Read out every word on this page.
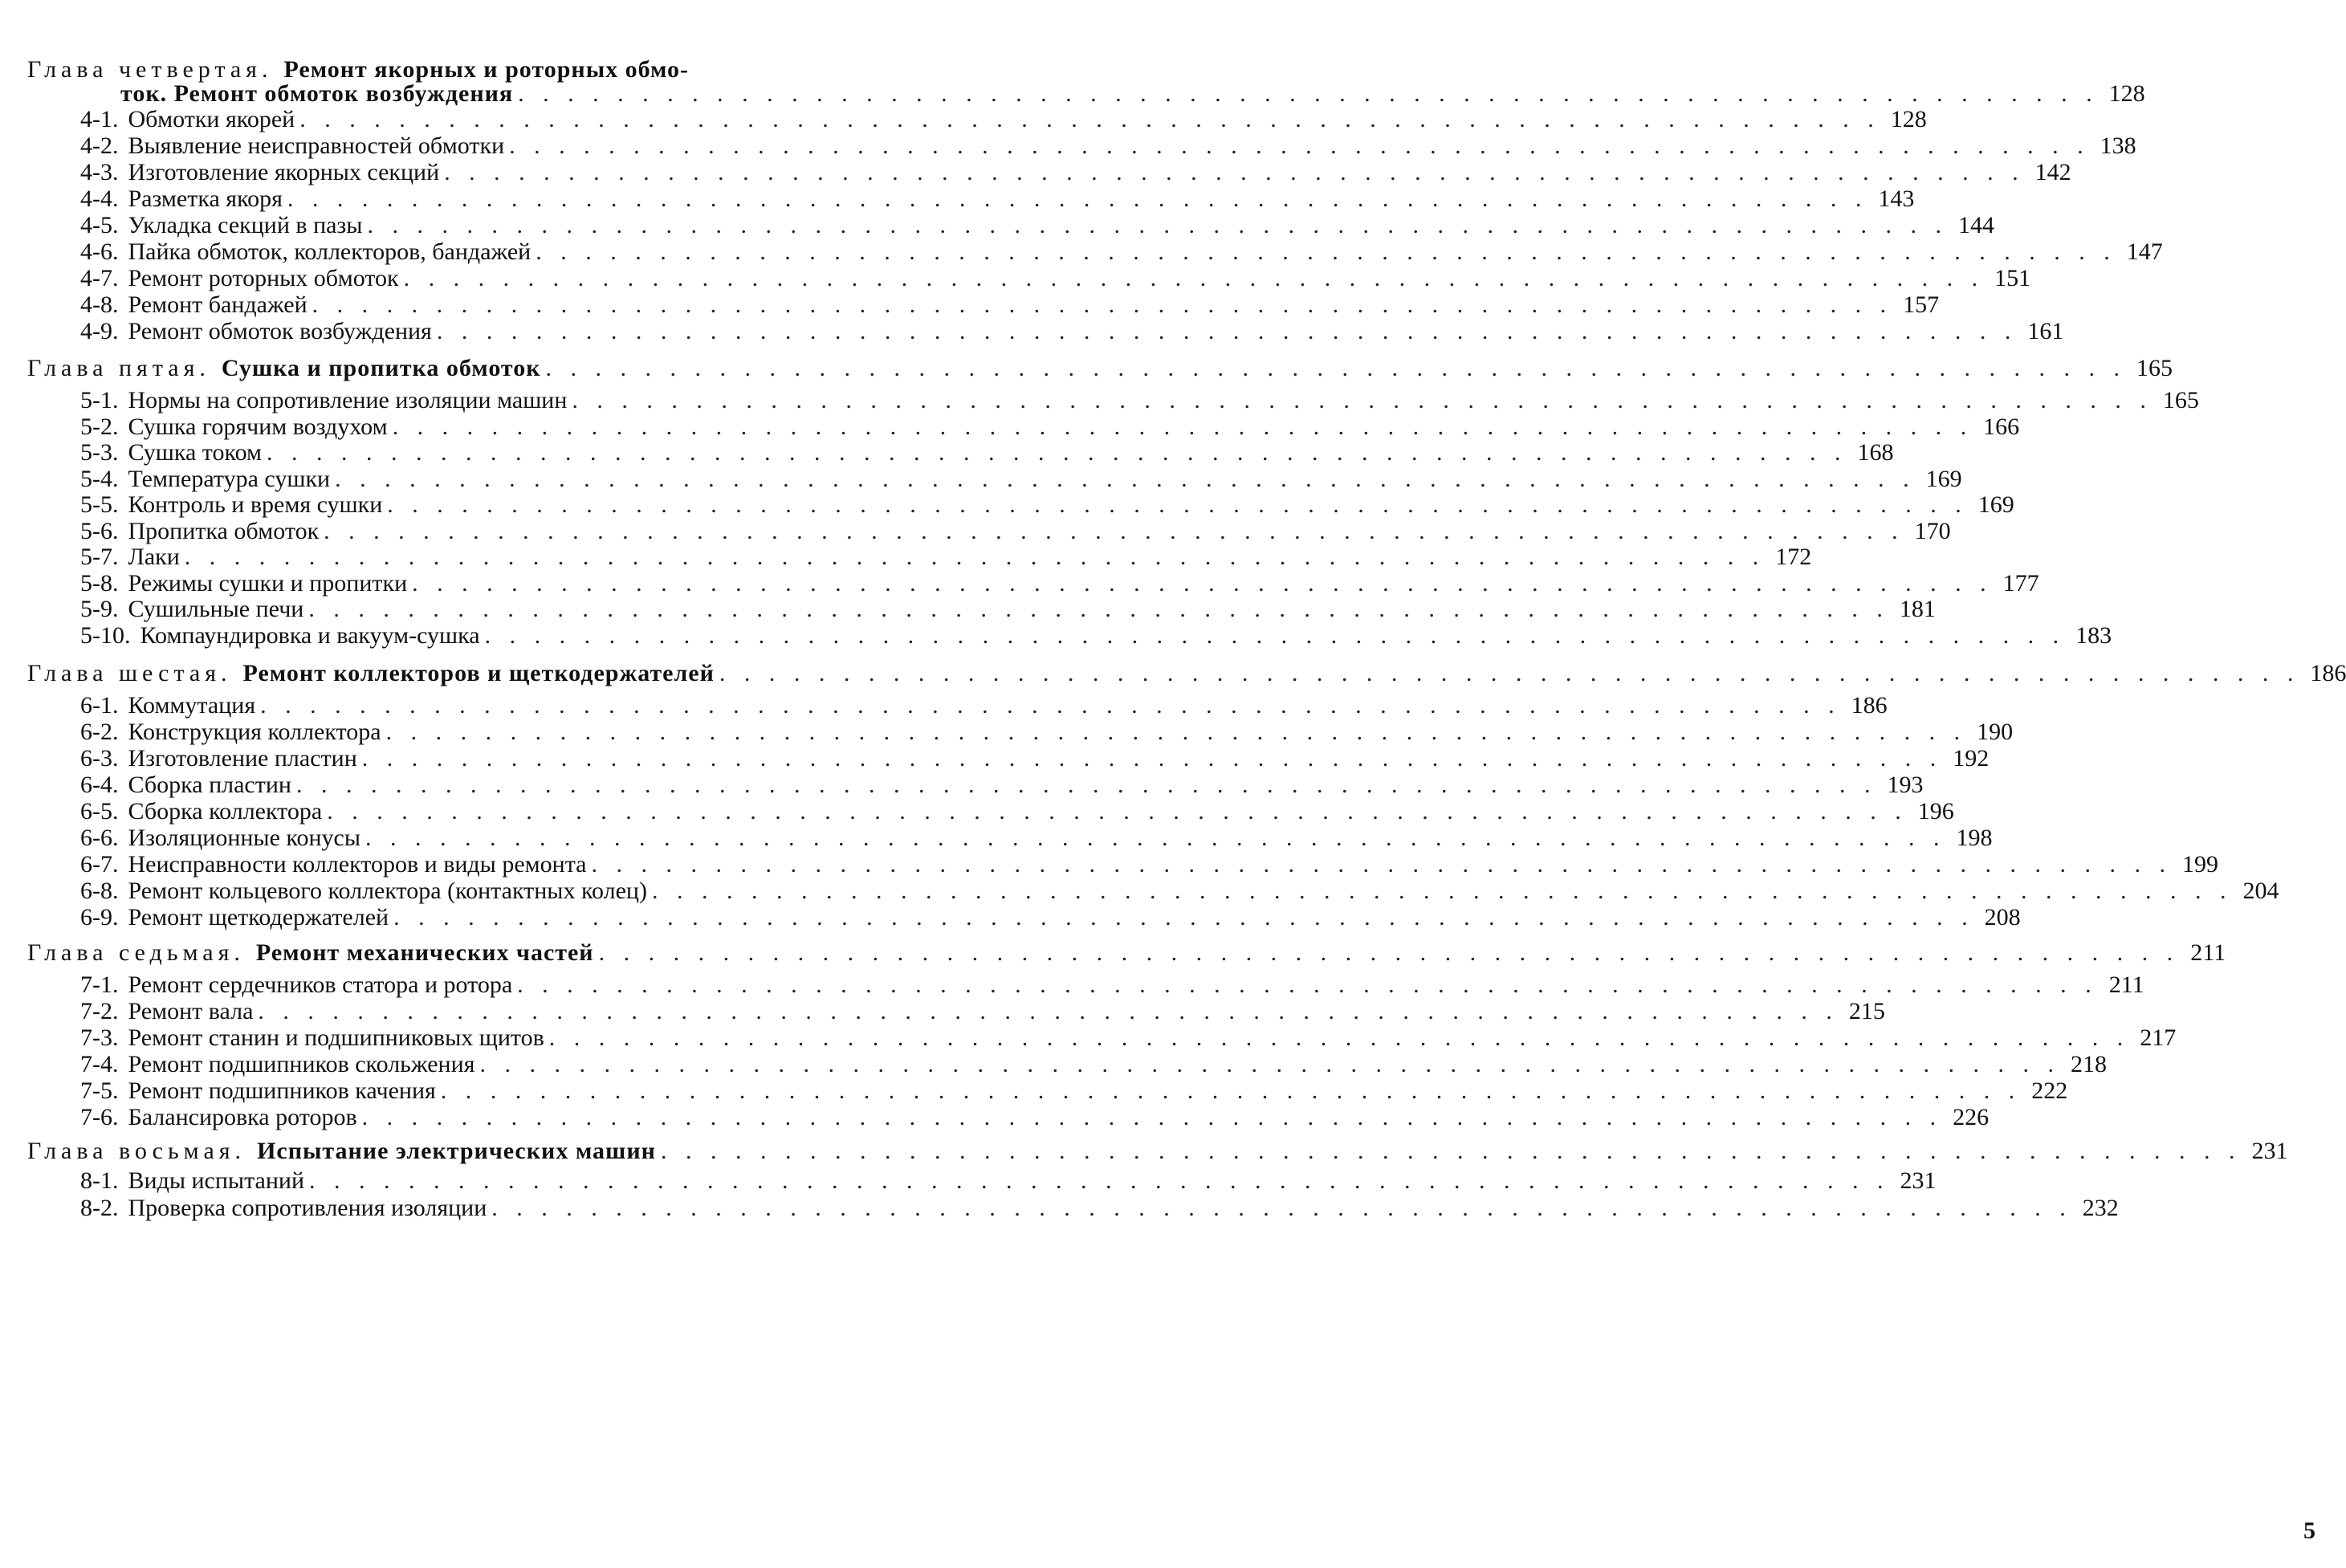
Глава четвертая. Ремонт якорных и роторных обмо-
ток. Ремонт обмоток возбуждения . . . . . . . . . . . . . . . . . . . . . . . . . . . . . . . . . . . . . . . . . . . . . . . . . . . . . . . . . . . . . . . . 128
4-1. Обмотки якорей . . . . . . . . . . . . . . . . . . . . . . . . . . . . . . . . . . . . . . . . . . . . . . . . . . . . . . . . . . . . . . . . 128
4-2. Выявление неисправностей обмотки . . . . . . . . . . . . . . . . . . . . . . . . . . . . . . . . . . . . . . . . . . . . . . . . . . . . . . . . . . . . . . . . 138
4-3. Изготовление якорных секций . . . . . . . . . . . . . . . . . . . . . . . . . . . . . . . . . . . . . . . . . . . . . . . . . . . . . . . . . . . . . . . . 142
4-4. Разметка якоря . . . . . . . . . . . . . . . . . . . . . . . . . . . . . . . . . . . . . . . . . . . . . . . . . . . . . . . . . . . . . . . . 143
4-5. Укладка секций в пазы . . . . . . . . . . . . . . . . . . . . . . . . . . . . . . . . . . . . . . . . . . . . . . . . . . . . . . . . . . . . . . . . 144
4-6. Пайка обмоток, коллекторов, бандажей . . . . . . . . . . . . . . . . . . . . . . . . . . . . . . . . . . . . . . . . . . . . . . . . . . . . . . . . . . . . . . . . 147
4-7. Ремонт роторных обмоток . . . . . . . . . . . . . . . . . . . . . . . . . . . . . . . . . . . . . . . . . . . . . . . . . . . . . . . . . . . . . . . . 151
4-8. Ремонт бандажей . . . . . . . . . . . . . . . . . . . . . . . . . . . . . . . . . . . . . . . . . . . . . . . . . . . . . . . . . . . . . . . . 157
4-9. Ремонт обмоток возбуждения . . . . . . . . . . . . . . . . . . . . . . . . . . . . . . . . . . . . . . . . . . . . . . . . . . . . . . . . . . . . . . . . 161
Глава пятая. Сушка и пропитка обмоток . . . . . . . . . . . . . . . . . . . . . . . . . . . . . . . . . . . . . . . . . . . . . . . . . . . . . . . . . . . . . . . . 165
5-1. Нормы на сопротивление изоляции машин . . . . . . . . . . . . . . . . . . . . . . . . . . . . . . . . . . . . . . . . . . . . . . . . . . . . . . . . . . . . . . . . 165
5-2. Сушка горячим воздухом . . . . . . . . . . . . . . . . . . . . . . . . . . . . . . . . . . . . . . . . . . . . . . . . . . . . . . . . . . . . . . . . 166
5-3. Сушка током . . . . . . . . . . . . . . . . . . . . . . . . . . . . . . . . . . . . . . . . . . . . . . . . . . . . . . . . . . . . . . . . 168
5-4. Температура сушки . . . . . . . . . . . . . . . . . . . . . . . . . . . . . . . . . . . . . . . . . . . . . . . . . . . . . . . . . . . . . . . . 169
5-5. Контроль и время сушки . . . . . . . . . . . . . . . . . . . . . . . . . . . . . . . . . . . . . . . . . . . . . . . . . . . . . . . . . . . . . . . . 169
5-6. Пропитка обмоток . . . . . . . . . . . . . . . . . . . . . . . . . . . . . . . . . . . . . . . . . . . . . . . . . . . . . . . . . . . . . . . . 170
5-7. Лаки . . . . . . . . . . . . . . . . . . . . . . . . . . . . . . . . . . . . . . . . . . . . . . . . . . . . . . . . . . . . . . . . 172
5-8. Режимы сушки и пропитки . . . . . . . . . . . . . . . . . . . . . . . . . . . . . . . . . . . . . . . . . . . . . . . . . . . . . . . . . . . . . . . . 177
5-9. Сушильные печи . . . . . . . . . . . . . . . . . . . . . . . . . . . . . . . . . . . . . . . . . . . . . . . . . . . . . . . . . . . . . . . . 181
5-10. Компаундировка и вакуум-сушка . . . . . . . . . . . . . . . . . . . . . . . . . . . . . . . . . . . . . . . . . . . . . . . . . . . . . . . . . . . . . . . . 183
Глава шестая. Ремонт коллекторов и щеткодержателей . . . . . . . . . . . . . . . . . . . . . . . . . . . . . . . . . . . . . . . . . . . . . . . . . . . . . . . . . . . . . . . . 186
6-1. Коммутация . . . . . . . . . . . . . . . . . . . . . . . . . . . . . . . . . . . . . . . . . . . . . . . . . . . . . . . . . . . . . . . . 186
6-2. Конструкция коллектора . . . . . . . . . . . . . . . . . . . . . . . . . . . . . . . . . . . . . . . . . . . . . . . . . . . . . . . . . . . . . . . . 190
6-3. Изготовление пластин . . . . . . . . . . . . . . . . . . . . . . . . . . . . . . . . . . . . . . . . . . . . . . . . . . . . . . . . . . . . . . . . 192
6-4. Сборка пластин . . . . . . . . . . . . . . . . . . . . . . . . . . . . . . . . . . . . . . . . . . . . . . . . . . . . . . . . . . . . . . . . 193
6-5. Сборка коллектора . . . . . . . . . . . . . . . . . . . . . . . . . . . . . . . . . . . . . . . . . . . . . . . . . . . . . . . . . . . . . . . . 196
6-6. Изоляционные конусы . . . . . . . . . . . . . . . . . . . . . . . . . . . . . . . . . . . . . . . . . . . . . . . . . . . . . . . . . . . . . . . . 198
6-7. Неисправности коллекторов и виды ремонта . . . . . . . . . . . . . . . . . . . . . . . . . . . . . . . . . . . . . . . . . . . . . . . . . . . . . . . . . . . . . . . . 199
6-8. Ремонт кольцевого коллектора (контактных колец) . . . . . . . . . . . . . . . . . . . . . . . . . . . . . . . . . . . . . . . . . . . . . . . . . . . . . . . . . . . . . . . . 204
6-9. Ремонт щеткодержателей . . . . . . . . . . . . . . . . . . . . . . . . . . . . . . . . . . . . . . . . . . . . . . . . . . . . . . . . . . . . . . . . 208
Глава седьмая. Ремонт механических частей . . . . . . . . . . . . . . . . . . . . . . . . . . . . . . . . . . . . . . . . . . . . . . . . . . . . . . . . . . . . . . . . 211
7-1. Ремонт сердечников статора и ротора . . . . . . . . . . . . . . . . . . . . . . . . . . . . . . . . . . . . . . . . . . . . . . . . . . . . . . . . . . . . . . . . 211
7-2. Ремонт вала . . . . . . . . . . . . . . . . . . . . . . . . . . . . . . . . . . . . . . . . . . . . . . . . . . . . . . . . . . . . . . . . 215
7-3. Ремонт станин и подшипниковых щитов . . . . . . . . . . . . . . . . . . . . . . . . . . . . . . . . . . . . . . . . . . . . . . . . . . . . . . . . . . . . . . . . 217
7-4. Ремонт подшипников скольжения . . . . . . . . . . . . . . . . . . . . . . . . . . . . . . . . . . . . . . . . . . . . . . . . . . . . . . . . . . . . . . . . 218
7-5. Ремонт подшипников качения . . . . . . . . . . . . . . . . . . . . . . . . . . . . . . . . . . . . . . . . . . . . . . . . . . . . . . . . . . . . . . . . 222
7-6. Балансировка роторов . . . . . . . . . . . . . . . . . . . . . . . . . . . . . . . . . . . . . . . . . . . . . . . . . . . . . . . . . . . . . . . . 226
Глава восьмая. Испытание электрических машин . . . . . . . . . . . . . . . . . . . . . . . . . . . . . . . . . . . . . . . . . . . . . . . . . . . . . . . . . . . . . . . . 231
8-1. Виды испытаний . . . . . . . . . . . . . . . . . . . . . . . . . . . . . . . . . . . . . . . . . . . . . . . . . . . . . . . . . . . . . . . . 231
8-2. Проверка сопротивления изоляции . . . . . . . . . . . . . . . . . . . . . . . . . . . . . . . . . . . . . . . . . . . . . . . . . . . . . . . . . . . . . . . . 232
5
